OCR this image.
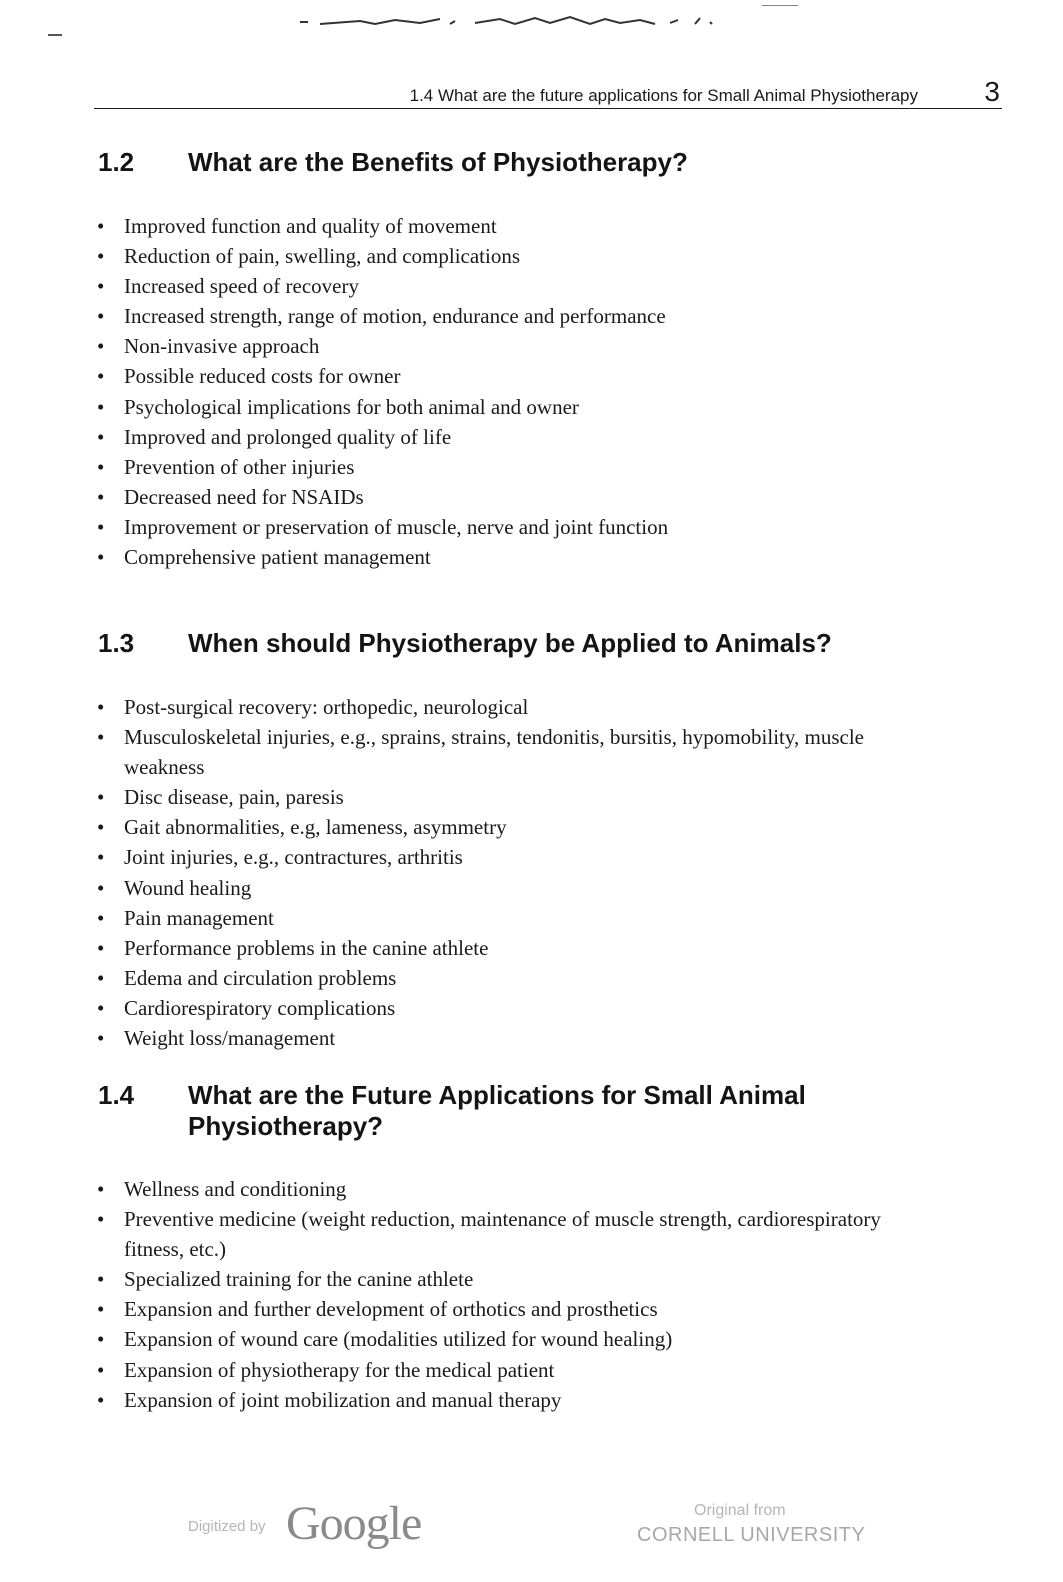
1.4 What are the future applications for Small Animal Physiotherapy 3
1.2 What are the Benefits of Physiotherapy?
• Improved function and quality of movement
• Reduction of pain, swelling, and complications
• Increased speed of recovery
• Increased strength, range of motion, endurance and performance
• Non-invasive approach
• Possible reduced costs for owner
• Psychological implications for both animal and owner
• Improved and prolonged quality of life
• Prevention of other injuries
• Decreased need for NSAIDs
• Improvement or preservation of muscle, nerve and joint function
• Comprehensive patient management
1.3 When should Physiotherapy be Applied to Animals?
• Post-surgical recovery: orthopedic, neurological
• Musculoskeletal injuries, e.g., sprains, strains, tendonitis, bursitis, hypomobility, muscle weakness
• Disc disease, pain, paresis
• Gait abnormalities, e.g, lameness, asymmetry
• Joint injuries, e.g., contractures, arthritis
• Wound healing
• Pain management
• Performance problems in the canine athlete
• Edema and circulation problems
• Cardiorespiratory complications
• Weight loss/management
1.4 What are the Future Applications for Small Animal Physiotherapy?
• Wellness and conditioning
• Preventive medicine (weight reduction, maintenance of muscle strength, cardiorespiratory fitness, etc.)
• Specialized training for the canine athlete
• Expansion and further development of orthotics and prosthetics
• Expansion of wound care (modalities utilized for wound healing)
• Expansion of physiotherapy for the medical patient
• Expansion of joint mobilization and manual therapy
Digitized by Google	Original from
CORNELL UNIVERSITY
